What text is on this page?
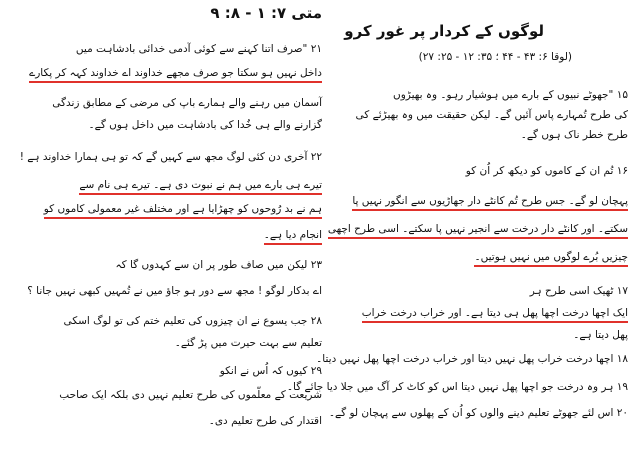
لوگوں کے کردار پر غور کرو
(لوقا ۶: ۴۳ - ۴۴ ؛ ۳۵: ۱۲ - ۲۵: ۲۷)
۱۵ "جھوٹے نبیوں کے بارے میں ہوشیار رہو۔ وہ بھیڑوں
کی طرح تُمہارے پاس آئیں گے۔ لیکن حقیقت میں وہ بھیڑئے کی
طرح خطر ناک ہوں گے۔
۱۶ تُم ان کے کاموں کو دیکھ کر اُن کو
پہچان لو گے۔ جس طرح تُم کانٹے دار جھاڑیوں سے انگور نہیں پا
سکتے۔ اور کانٹے دار درخت سے انجیر نہیں پا سکتے۔ اسی طرح اچھی
چیزیں بُرے لوگوں میں نہیں ہوتیں۔
۱۷ ٹھیک اسی طرح ہر
ایک اچھا درخت اچھا پھل ہی دیتا ہے۔ اور خراب درخت خراب
پھل دیتا ہے۔
۱۸ اچھا درخت خراب پھل نہیں دیتا اور خراب درخت اچھا پھل نہیں دیتا۔
۱۹ ہر وہ درخت جو اچھا پھل نہیں دیتا اس کو کاٹ کر آگ میں جلا دیا جائے گا۔
۲۰ اس لئے جھوٹے تعلیم دینے والوں کو اُن کے پھلوں سے پہچان لو گے۔
متی ۷: ۱ - ۸: ۹
۲۱ "صرف اتنا کہنے سے کوئی آدمی خدائی بادشاہت میں
داخل نہیں ہو سکتا جو صرف مجھے خداوند اے خداوند کہہ کر پکارے
آسمان میں رہنے والے ہمارے باپ کی مرضی کے مطابق زندگی
گزارنے والے ہی خُدا کی بادشاہت میں داخل ہوں گے۔
۲۲ آخری دن کئی لوگ مجھ سے کہیں گے کہ تو ہی ہمارا خداوند ہے !
تیرے ہی بارے میں ہم نے نبوت دی ہے۔ تیرے ہی نام سے
ہم نے بد رُوحوں کو چھڑایا ہے اور مختلف غیر معمولی کاموں کو
انجام دیا ہے۔
۲۳ لیکن میں صاف طور پر ان سے کہدوں گا کہ
اے بدکار لوگو ! مجھ سے دور ہو جاؤ میں نے تُمہیں کبھی نہیں جانا ؟
۲۸ جب یسوع نے ان چیزوں کی تعلیم ختم کی تو لوگ اسکی
تعلیم سے بہت حیرت میں پڑ گئے۔
۲۹ کیوں کہ اُس نے انکو
شریعت کے معلّموں کی طرح تعلیم نہیں دی بلکہ ایک صاحب
اقتدار کی طرح تعلیم دی۔
